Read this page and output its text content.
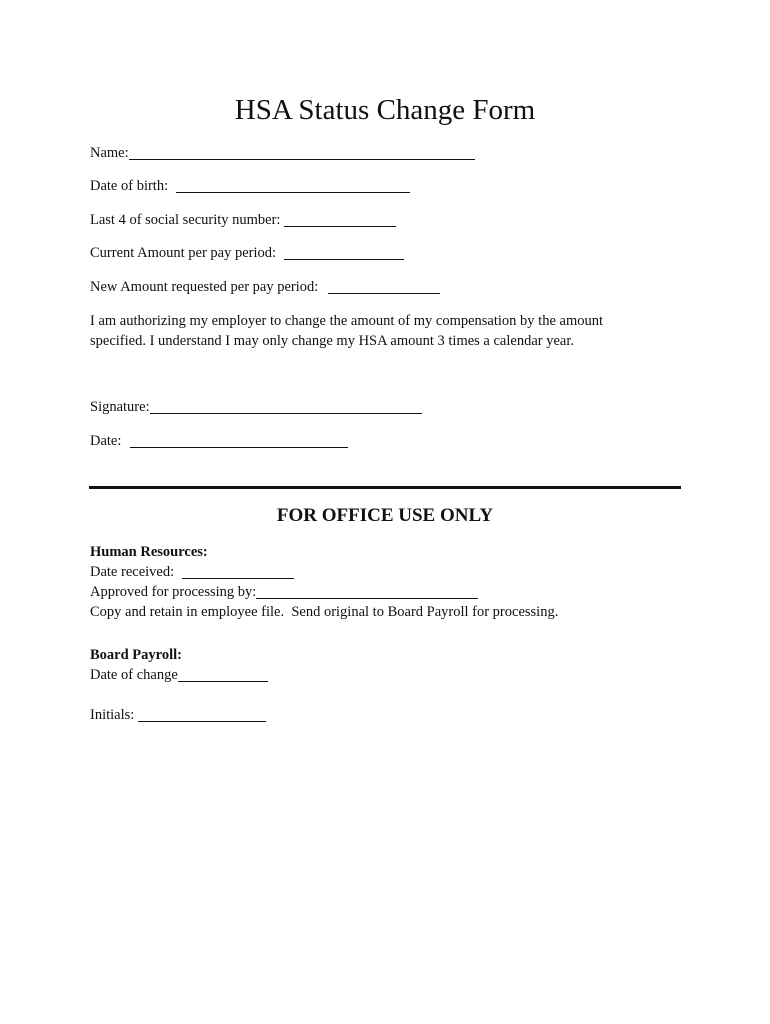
HSA Status Change Form
Name:
Date of birth:
Last 4 of social security number:
Current Amount per pay period:
New Amount requested per pay period:
I am authorizing my employer to change the amount of my compensation by the amount
specified. I understand I may only change my HSA amount 3 times a calendar year.
Signature:
Date:
FOR OFFICE USE ONLY
Human Resources:
Date received:
Approved for processing by:
Copy and retain in employee file.  Send original to Board Payroll for processing.
Board Payroll:
Date of change
Initials:
